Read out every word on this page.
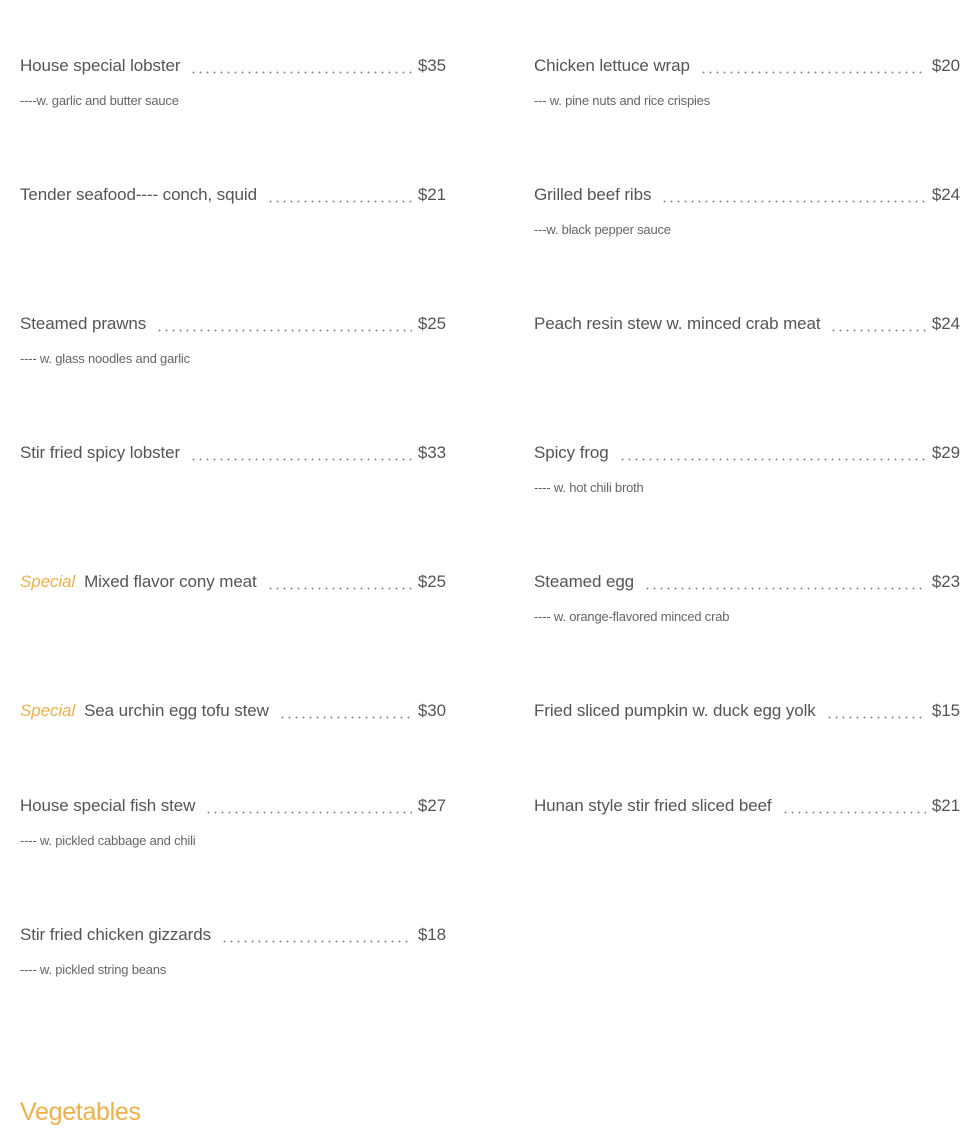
House special lobster	$35
----w. garlic and butter sauce
Tender seafood---- conch, squid	$21
Steamed prawns	$25
---- w. glass noodles and garlic
Stir fried spicy lobster	$33
Special Mixed flavor cony meat	$25
Special Sea urchin egg tofu stew	$30
House special fish stew	$27
---- w. pickled cabbage and chili
Stir fried chicken gizzards	$18
---- w. pickled string beans
Chicken lettuce wrap	$20
--- w. pine nuts and rice crispies
Grilled beef ribs	$24
---w. black pepper sauce
Peach resin stew w. minced crab meat	$24
Spicy frog	$29
---- w. hot chili broth
Steamed egg	$23
---- w. orange-flavored minced crab
Fried sliced pumpkin w. duck egg yolk	$15
Hunan style stir fried sliced beef	$21
Vegetables
